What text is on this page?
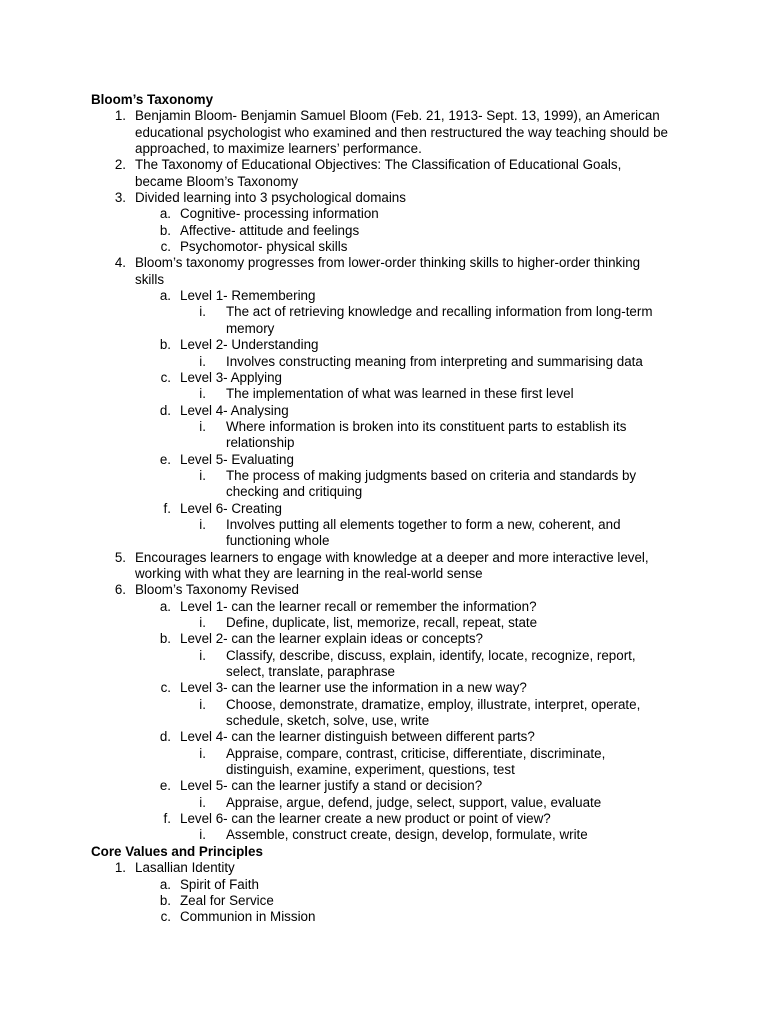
Bloom’s Taxonomy
1. Benjamin Bloom- Benjamin Samuel Bloom (Feb. 21, 1913- Sept. 13, 1999), an American educational psychologist who examined and then restructured the way teaching should be approached, to maximize learners’ performance.
2. The Taxonomy of Educational Objectives: The Classification of Educational Goals, became Bloom’s Taxonomy
3. Divided learning into 3 psychological domains
a. Cognitive- processing information
b. Affective- attitude and feelings
c. Psychomotor- physical skills
4. Bloom’s taxonomy progresses from lower-order thinking skills to higher-order thinking skills
a. Level 1- Remembering
i. The act of retrieving knowledge and recalling information from long-term memory
b. Level 2- Understanding
i. Involves constructing meaning from interpreting and summarising data
c. Level 3- Applying
i. The implementation of what was learned in these first level
d. Level 4- Analysing
i. Where information is broken into its constituent parts to establish its relationship
e. Level 5- Evaluating
i. The process of making judgments based on criteria and standards by checking and critiquing
f. Level 6- Creating
i. Involves putting all elements together to form a new, coherent, and functioning whole
5. Encourages learners to engage with knowledge at a deeper and more interactive level, working with what they are learning in the real-world sense
6. Bloom’s Taxonomy Revised
a. Level 1- can the learner recall or remember the information?
i. Define, duplicate, list, memorize, recall, repeat, state
b. Level 2- can the learner explain ideas or concepts?
i. Classify, describe, discuss, explain, identify, locate, recognize, report, select, translate, paraphrase
c. Level 3- can the learner use the information in a new way?
i. Choose, demonstrate, dramatize, employ, illustrate, interpret, operate, schedule, sketch, solve, use, write
d. Level 4- can the learner distinguish between different parts?
i. Appraise, compare, contrast, criticise, differentiate, discriminate, distinguish, examine, experiment, questions, test
e. Level 5- can the learner justify a stand or decision?
i. Appraise, argue, defend, judge, select, support, value, evaluate
f. Level 6- can the learner create a new product or point of view?
i. Assemble, construct create, design, develop, formulate, write
Core Values and Principles
1. Lasallian Identity
a. Spirit of Faith
b. Zeal for Service
c. Communion in Mission
